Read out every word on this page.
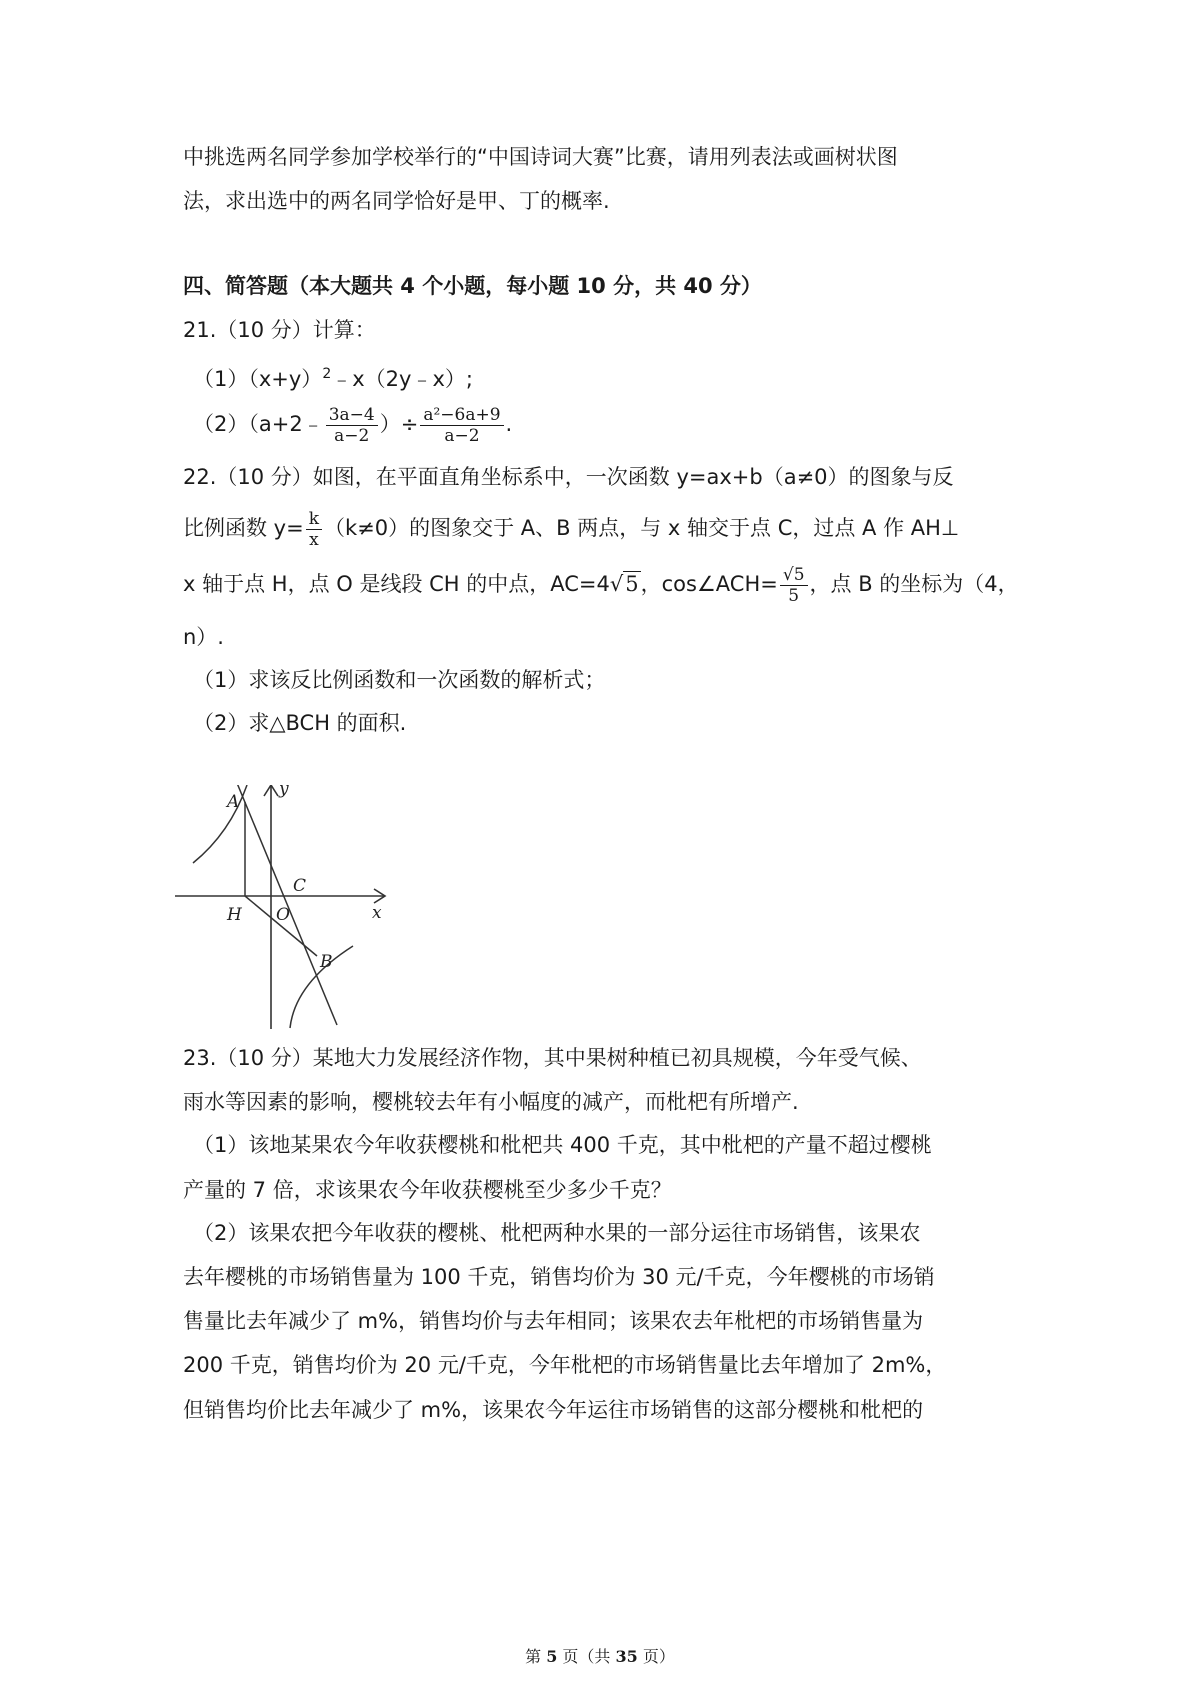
中挑选两名同学参加学校举行的“中国诗词大赛”比赛，请用列表法或画树状图
法，求出选中的两名同学恰好是甲、丁的概率.
四、简答题（本大题共 4 个小题，每小题 10 分，共 40 分）
21.（10 分）计算：
$(1)(x+y)^2﹣x(2y﹣x)$;
（2）（a+2﹣ $\frac{3a-4}{a-2}$ ）÷ $\frac{\text{a²−6a+9}}{a-2}$ .
22.（10 分）如图，在平面直角坐标系中，一次函数 y=ax+b（a≠0）的图象与反
比例函数 $y= \frac{k}{x} (k\ne 0)$的图象交于 A、B 两点，与 x 轴交于点 C，过点 A 作 AH⊥
x 轴于点 H，点 O 是线段 CH 的中点，AC=4√5，cos∠ACH= $\frac{√5}{5}$ ，点 B 的坐标为（4，
n）.
（1）求该反比例函数和一次函数的解析式；
（2）求△BCH 的面积.
y
x
A
C
H O
B
23.（10 分）某地大力发展经济作物，其中果树种植已初具规模，今年受气候、
雨水等因素的影响，樱桃较去年有小幅度的减产，而枇杷有所增产.
（1）该地某果农今年收获樱桃和枇杷共 400 千克，其中枇杷的产量不超过樱桃
产量的 7 倍，求该果农今年收获樱桃至少多少千克？
（2）该果农把今年收获的樱桃、枇杷两种水果的一部分运往市场销售，该果农
去年樱桃的市场销售量为 100 千克，销售均价为 30 元/千克，今年樱桃的市场销
售量比去年减少了 m%，销售均价与去年相同；该果农去年枇杷的市场销售量为
200 千克，销售均价为 20 元/千克，今年枇杷的市场销售量比去年增加了 2m%，
但销售均价比去年减少了 m%，该果农今年运往市场销售的这部分樱桃和枇杷的
第 5 页（共 35 页）
